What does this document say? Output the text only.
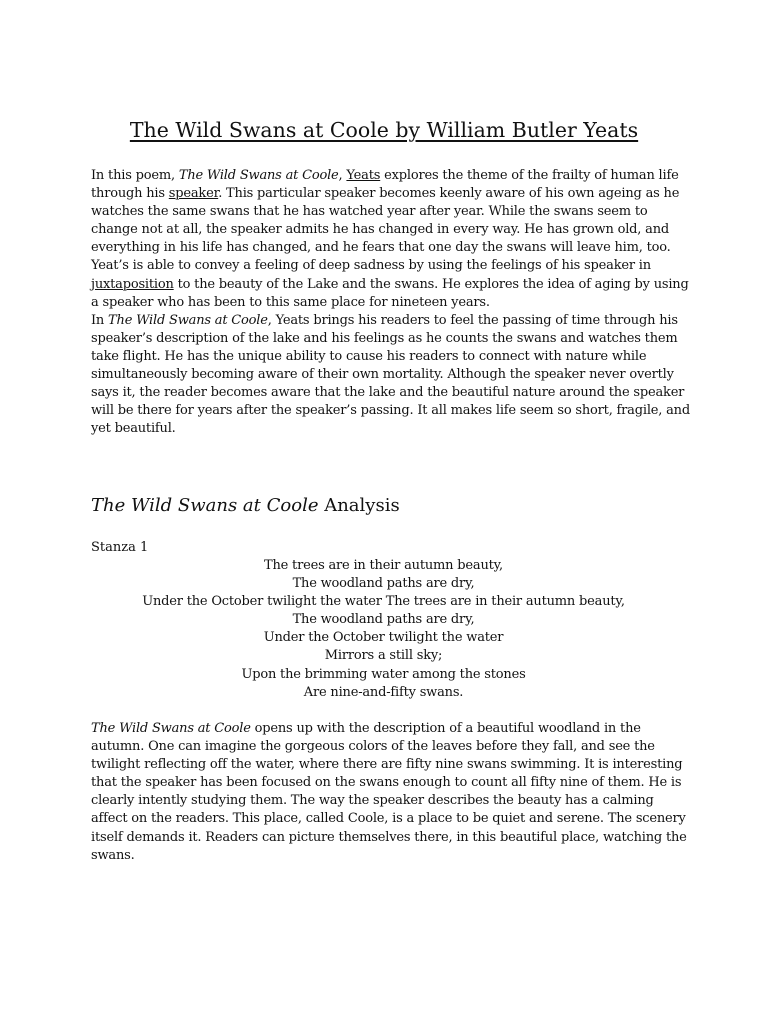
The Wild Swans at Coole by William Butler Yeats
In this poem, The Wild Swans at Coole, Yeats explores the theme of the frailty of human life through his speaker. This particular speaker becomes keenly aware of his own ageing as he watches the same swans that he has watched year after year. While the swans seem to change not at all, the speaker admits he has changed in every way. He has grown old, and everything in his life has changed, and he fears that one day the swans will leave him, too. Yeat’s is able to convey a feeling of deep sadness by using the feelings of his speaker in juxtaposition to the beauty of the Lake and the swans. He explores the idea of aging by using a speaker who has been to this same place for nineteen years.
In The Wild Swans at Coole, Yeats brings his readers to feel the passing of time through his speaker’s description of the lake and his feelings as he counts the swans and watches them take flight. He has the unique ability to cause his readers to connect with nature while simultaneously becoming aware of their own mortality. Although the speaker never overtly says it, the reader becomes aware that the lake and the beautiful nature around the speaker will be there for years after the speaker’s passing. It all makes life seem so short, fragile, and yet beautiful.
The Wild Swans at Coole Analysis
Stanza 1
The trees are in their autumn beauty,
The woodland paths are dry,
Under the October twilight the water The trees are in their autumn beauty,
The woodland paths are dry,
Under the October twilight the water
Mirrors a still sky;
Upon the brimming water among the stones
Are nine-and-fifty swans.
The Wild Swans at Coole opens up with the description of a beautiful woodland in the autumn. One can imagine the gorgeous colors of the leaves before they fall, and see the twilight reflecting off the water, where there are fifty nine swans swimming. It is interesting that the speaker has been focused on the swans enough to count all fifty nine of them. He is clearly intently studying them. The way the speaker describes the beauty has a calming affect on the readers. This place, called Coole, is a place to be quiet and serene. The scenery itself demands it. Readers can picture themselves there, in this beautiful place, watching the swans.
